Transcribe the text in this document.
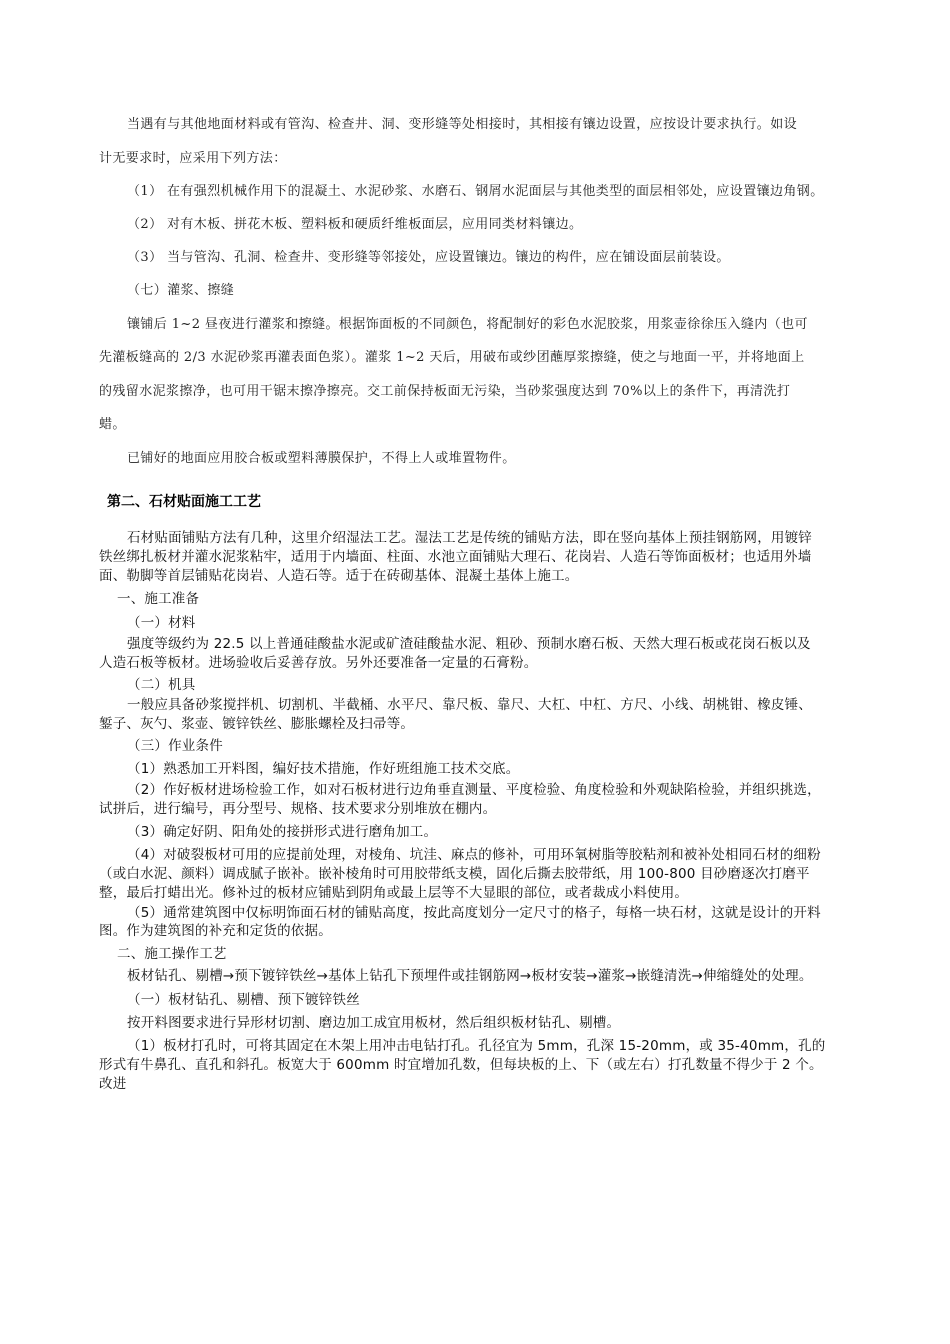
当遇有与其他地面材料或有管沟、检查井、洞、变形缝等处相接时，其相接有镶边设置，应按设计要求执行。如设
计无要求时，应采用下列方法：
（1） 在有强烈机械作用下的混凝土、水泥砂浆、水磨石、钢屑水泥面层与其他类型的面层相邻处，应设置镶边角钢。
（2） 对有木板、拼花木板、塑料板和硬质纤维板面层，应用同类材料镶边。
（3） 当与管沟、孔洞、检查井、变形缝等邻接处，应设置镶边。镶边的构件，应在铺设面层前装设。
（七）灌浆、擦缝
镶铺后 1~2 昼夜进行灌浆和擦缝。根据饰面板的不同颜色，将配制好的彩色水泥胶浆，用浆壶徐徐压入缝内（也可
先灌板缝高的 2/3 水泥砂浆再灌表面色浆）。灌浆 1~2 天后，用破布或纱团蘸厚浆擦缝，使之与地面一平，并将地面上
的残留水泥浆擦净，也可用干锯末擦净擦亮。交工前保持板面无污染，当砂浆强度达到 70%以上的条件下，再清洗打
蜡。
已铺好的地面应用胶合板或塑料薄膜保护，不得上人或堆置物件。
第二、石材贴面施工工艺
石材贴面铺贴方法有几种，这里介绍湿法工艺。湿法工艺是传统的铺贴方法，即在竖向基体上预挂钢筋网，用镀锌
铁丝绑扎板材并灌水泥浆粘牢，适用于内墙面、柱面、水池立面铺贴大理石、花岗岩、人造石等饰面板材；也适用外墙
面、勒脚等首层铺贴花岗岩、人造石等。适于在砖砌基体、混凝土基体上施工。
一、施工准备
（一）材料
强度等级约为 22.5 以上普通硅酸盐水泥或矿渣硅酸盐水泥、粗砂、预制水磨石板、天然大理石板或花岗石板以及
人造石板等板材。进场验收后妥善存放。另外还要准备一定量的石膏粉。
（二）机具
一般应具备砂浆搅拌机、切割机、半截桶、水平尺、靠尺板、靠尺、大杠、中杠、方尺、小线、胡桃钳、橡皮锤、
錾子、灰勺、浆壶、镀锌铁丝、膨胀螺栓及扫帚等。
（三）作业条件
（1）熟悉加工开料图，编好技术措施，作好班组施工技术交底。
（2）作好板材进场检验工作，如对石板材进行边角垂直测量、平度检验、角度检验和外观缺陷检验，并组织挑选，
试拼后，进行编号，再分型号、规格、技术要求分别堆放在棚内。
（3）确定好阴、阳角处的接拼形式进行磨角加工。
（4）对破裂板材可用的应提前处理，对棱角、坑洼、麻点的修补，可用环氧树脂等胶粘剂和被补处相同石材的细粉
（或白水泥、颜料）调成腻子嵌补。嵌补棱角时可用胶带纸支模，固化后撕去胶带纸，用 100-800 目砂磨逐次打磨平
整，最后打蜡出光。修补过的板材应铺贴到阴角或最上层等不大显眼的部位，或者裁成小料使用。
（5）通常建筑图中仅标明饰面石材的铺贴高度，按此高度划分一定尺寸的格子，每格一块石材，这就是设计的开料
图。作为建筑图的补充和定货的依据。
二、施工操作工艺
板材钻孔、剔槽→预下镀锌铁丝→基体上钻孔下预埋件或挂钢筋网→板材安装→灌浆→嵌缝清洗→伸缩缝处的处理。
（一）板材钻孔、剔槽、预下镀锌铁丝
按开料图要求进行异形材切割、磨边加工成宜用板材，然后组织板材钻孔、剔槽。
（1）板材打孔时，可将其固定在木架上用冲击电钻打孔。孔径宜为 5mm，孔深 15-20mm，或 35-40mm，孔的
形式有牛鼻孔、直孔和斜孔。板宽大于 600mm 时宜增加孔数，但每块板的上、下（或左右）打孔数量不得少于 2 个。
改进
